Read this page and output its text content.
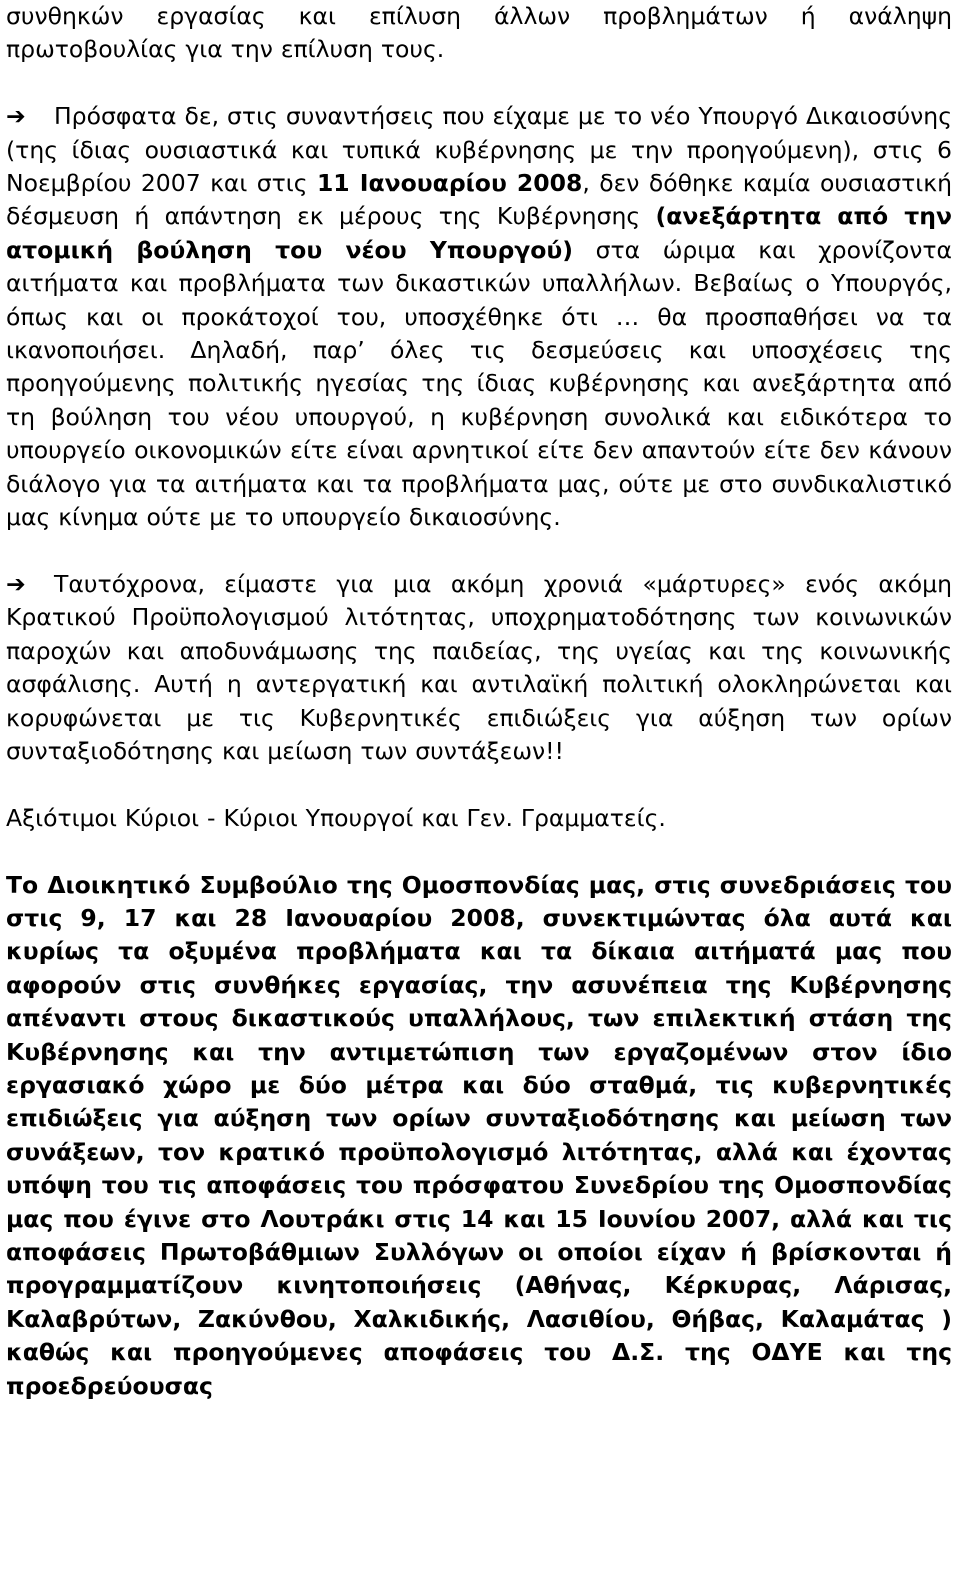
συνθηκών εργασίας και επίλυση άλλων προβλημάτων ή ανάληψη πρωτοβουλίας για την επίλυση τους.

➔ Πρόσφατα δε, στις συναντήσεις που είχαμε με το νέο Υπουργό Δικαιοσύνης (της ίδιας ουσιαστικά και τυπικά κυβέρνησης με την προηγούμενη), στις 6 Νοεμβρίου 2007 και στις 11 Ιανουαρίου 2008, δεν δόθηκε καμία ουσιαστική δέσμευση ή απάντηση εκ μέρους της Κυβέρνησης (ανεξάρτητα από την ατομική βούληση του νέου Υπουργού) στα ώριμα και χρονίζοντα αιτήματα και προβλήματα των δικαστικών υπαλλήλων. Βεβαίως ο Υπουργός, όπως και οι προκάτοχοί του, υποσχέθηκε ότι … θα προσπαθήσει να τα ικανοποιήσει. Δηλαδή, παρ’ όλες τις δεσμεύσεις και υποσχέσεις της προηγούμενης πολιτικής ηγεσίας της ίδιας κυβέρνησης και ανεξάρτητα από τη βούληση του νέου υπουργού, η κυβέρνηση συνολικά και ειδικότερα το υπουργείο οικονομικών είτε είναι αρνητικοί είτε δεν απαντούν είτε δεν κάνουν διάλογο για τα αιτήματα και τα προβλήματα μας, ούτε με στο συνδικαλιστικό μας κίνημα ούτε με το υπουργείο δικαιοσύνης.

➔ Ταυτόχρονα, είμαστε για μια ακόμη χρονιά «μάρτυρες» ενός ακόμη Κρατικού Προϋπολογισμού λιτότητας, υποχρηματοδότησης των κοινωνικών παροχών και αποδυνάμωσης της παιδείας, της υγείας και της κοινωνικής ασφάλισης. Αυτή η αντεργατική και αντιλαϊκή πολιτική ολοκληρώνεται και κορυφώνεται με τις Κυβερνητικές επιδιώξεις για αύξηση των ορίων συνταξιοδότησης και μείωση των συντάξεων!!

Αξιότιμοι Κύριοι - Κύριοι Υπουργοί και Γεν. Γραμματείς.

Το Διοικητικό Συμβούλιο της Ομοσπονδίας μας, στις συνεδριάσεις του στις 9, 17 και 28 Ιανουαρίου 2008, συνεκτιμώντας όλα αυτά και κυρίως τα οξυμένα προβλήματα και τα δίκαια αιτήματά μας που αφορούν στις συνθήκες εργασίας, την ασυνέπεια της Κυβέρνησης απέναντι στους δικαστικούς υπαλλήλους, των επιλεκτική στάση της Κυβέρνησης και την αντιμετώπιση των εργαζομένων στον ίδιο εργασιακό χώρο με δύο μέτρα και δύο σταθμά, τις κυβερνητικές επιδιώξεις για αύξηση των ορίων συνταξιοδότησης και μείωση των συνάξεων, τον κρατικό προϋπολογισμό λιτότητας, αλλά και έχοντας υπόψη του τις αποφάσεις του πρόσφατου Συνεδρίου της Ομοσπονδίας μας που έγινε στο Λουτράκι στις 14 και 15 Ιουνίου 2007, αλλά και τις αποφάσεις Πρωτοβάθμιων Συλλόγων οι οποίοι είχαν ή βρίσκονται ή προγραμματίζουν κινητοποιήσεις (Αθήνας, Κέρκυρας, Λάρισας, Καλαβρύτων, Ζακύνθου, Χαλκιδικής, Λασιθίου, Θήβας, Καλαμάτας ) καθώς και προηγούμενες αποφάσεις του Δ.Σ. της ΟΔΥΕ και της προεδρεύουσας
